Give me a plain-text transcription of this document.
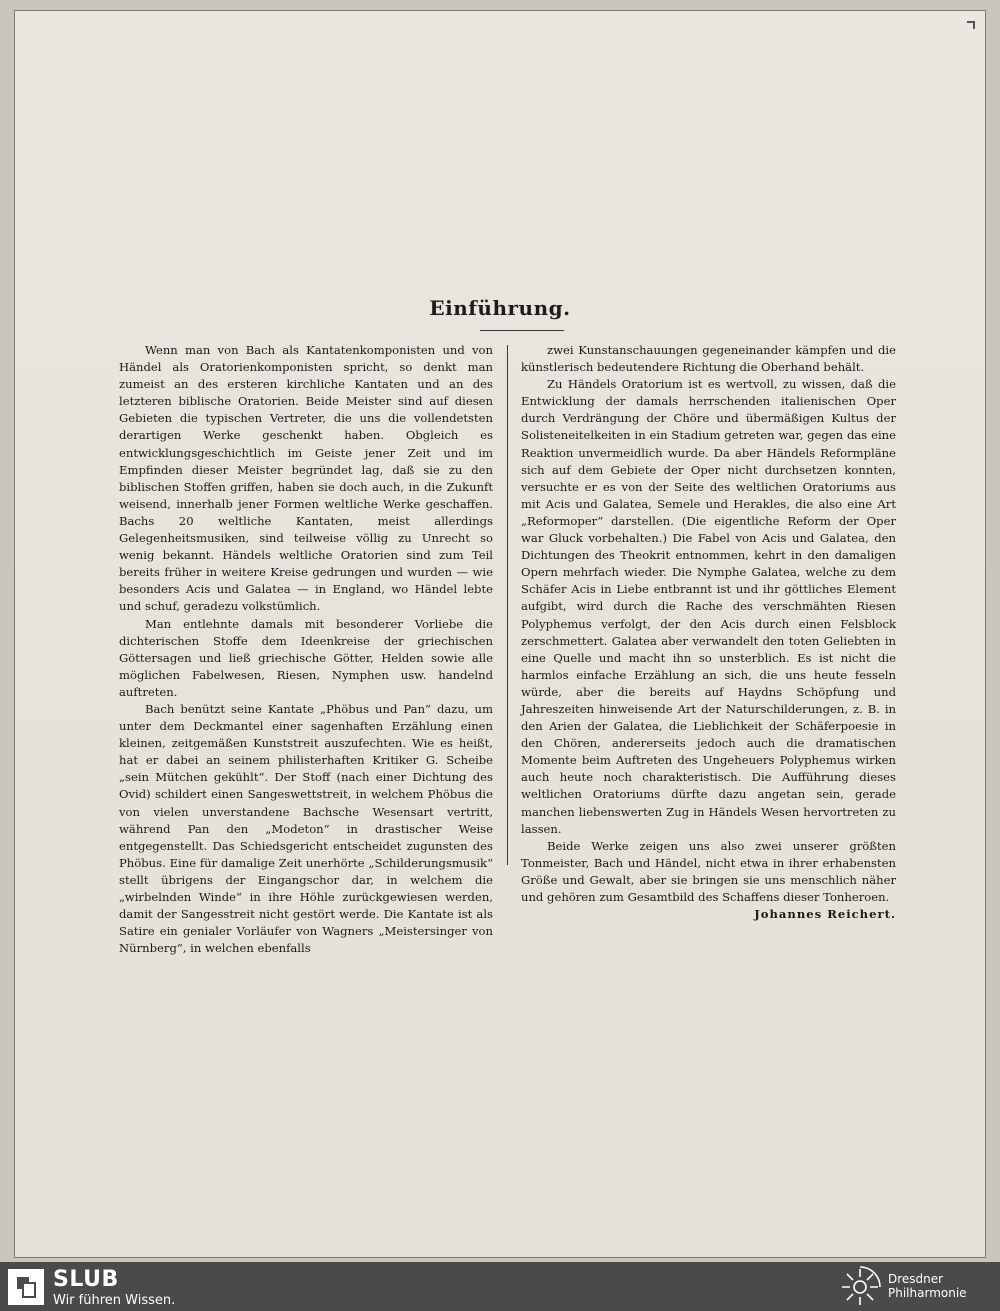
Einführung.

Wenn man von Bach als Kantatenkomponisten und von Händel als Oratorienkomponisten spricht, so denkt man zumeist an des ersteren kirchliche Kantaten und an des letzteren biblische Oratorien. Beide Meister sind auf diesen Gebieten die typischen Vertreter, die uns die vollendetsten derartigen Werke geschenkt haben. Obgleich es entwicklungsgeschichtlich im Geiste jener Zeit und im Empfinden dieser Meister begründet lag, daß sie zu den biblischen Stoffen griffen, haben sie doch auch, in die Zukunft weisend, innerhalb jener Formen weltliche Werke geschaffen. Bachs 20 weltliche Kantaten, meist allerdings Gelegenheitsmusiken, sind teilweise völlig zu Unrecht so wenig bekannt. Händels weltliche Oratorien sind zum Teil bereits früher in weitere Kreise gedrungen und wurden — wie besonders Acis und Galatea — in England, wo Händel lebte und schuf, geradezu volkstümlich.

Man entlehnte damals mit besonderer Vorliebe die dichterischen Stoffe dem Ideenkreise der griechischen Göttersagen und ließ griechische Götter, Helden sowie alle möglichen Fabelwesen, Riesen, Nymphen usw. handelnd auftreten.

Bach benützt seine Kantate „Phöbus und Pan“ dazu, um unter dem Deckmantel einer sagenhaften Erzählung einen kleinen, zeitgemäßen Kunststreit auszufechten. Wie es heißt, hat er dabei an seinem philisterhaften Kritiker G. Scheibe „sein Mütchen gekühlt“. Der Stoff (nach einer Dichtung des Ovid) schildert einen Sangeswettstreit, in welchem Phöbus die von vielen unverstandene Bachsche Wesensart vertritt, während Pan den „Modeton“ in drastischer Weise entgegenstellt. Das Schiedsgericht entscheidet zugunsten des Phöbus. Eine für damalige Zeit unerhörte „Schilderungsmusik“ stellt übrigens der Eingangschor dar, in welchem die „wirbelnden Winde“ in ihre Höhle zurückgewiesen werden, damit der Sangesstreit nicht gestört werde. Die Kantate ist als Satire ein genialer Vorläufer von Wagners „Meistersinger von Nürnberg“, in welchen ebenfalls

zwei Kunstanschauungen gegeneinander kämpfen und die künstlerisch bedeutendere Richtung die Oberhand behält.

Zu Händels Oratorium ist es wertvoll, zu wissen, daß die Entwicklung der damals herrschenden italienischen Oper durch Verdrängung der Chöre und übermäßigen Kultus der Solisteneitelkeiten in ein Stadium getreten war, gegen das eine Reaktion unvermeidlich wurde. Da aber Händels Reformpläne sich auf dem Gebiete der Oper nicht durchsetzen konnten, versuchte er es von der Seite des weltlichen Oratoriums aus mit Acis und Galatea, Semele und Herakles, die also eine Art „Reformoper“ darstellen. (Die eigentliche Reform der Oper war Gluck vorbehalten.) Die Fabel von Acis und Galatea, den Dichtungen des Theokrit entnommen, kehrt in den damaligen Opern mehrfach wieder. Die Nymphe Galatea, welche zu dem Schäfer Acis in Liebe entbrannt ist und ihr göttliches Element aufgibt, wird durch die Rache des verschmähten Riesen Polyphemus verfolgt, der den Acis durch einen Felsblock zerschmettert. Galatea aber verwandelt den toten Geliebten in eine Quelle und macht ihn so unsterblich. Es ist nicht die harmlos einfache Erzählung an sich, die uns heute fesseln würde, aber die bereits auf Haydns Schöpfung und Jahreszeiten hinweisende Art der Naturschilderungen, z. B. in den Arien der Galatea, die Lieblichkeit der Schäferpoesie in den Chören, andererseits jedoch auch die dramatischen Momente beim Auftreten des Ungeheuers Polyphemus wirken auch heute noch charakteristisch. Die Aufführung dieses weltlichen Oratoriums dürfte dazu angetan sein, gerade manchen liebenswerten Zug in Händels Wesen hervortreten zu lassen.

Beide Werke zeigen uns also zwei unserer größten Tonmeister, Bach und Händel, nicht etwa in ihrer erhabensten Größe und Gewalt, aber sie bringen sie uns menschlich näher und gehören zum Gesamtbild des Schaffens dieser Tonheroen.

Johannes Reichert.
SLUB
Wir führen Wissen.
Dresdner
Philharmonie
